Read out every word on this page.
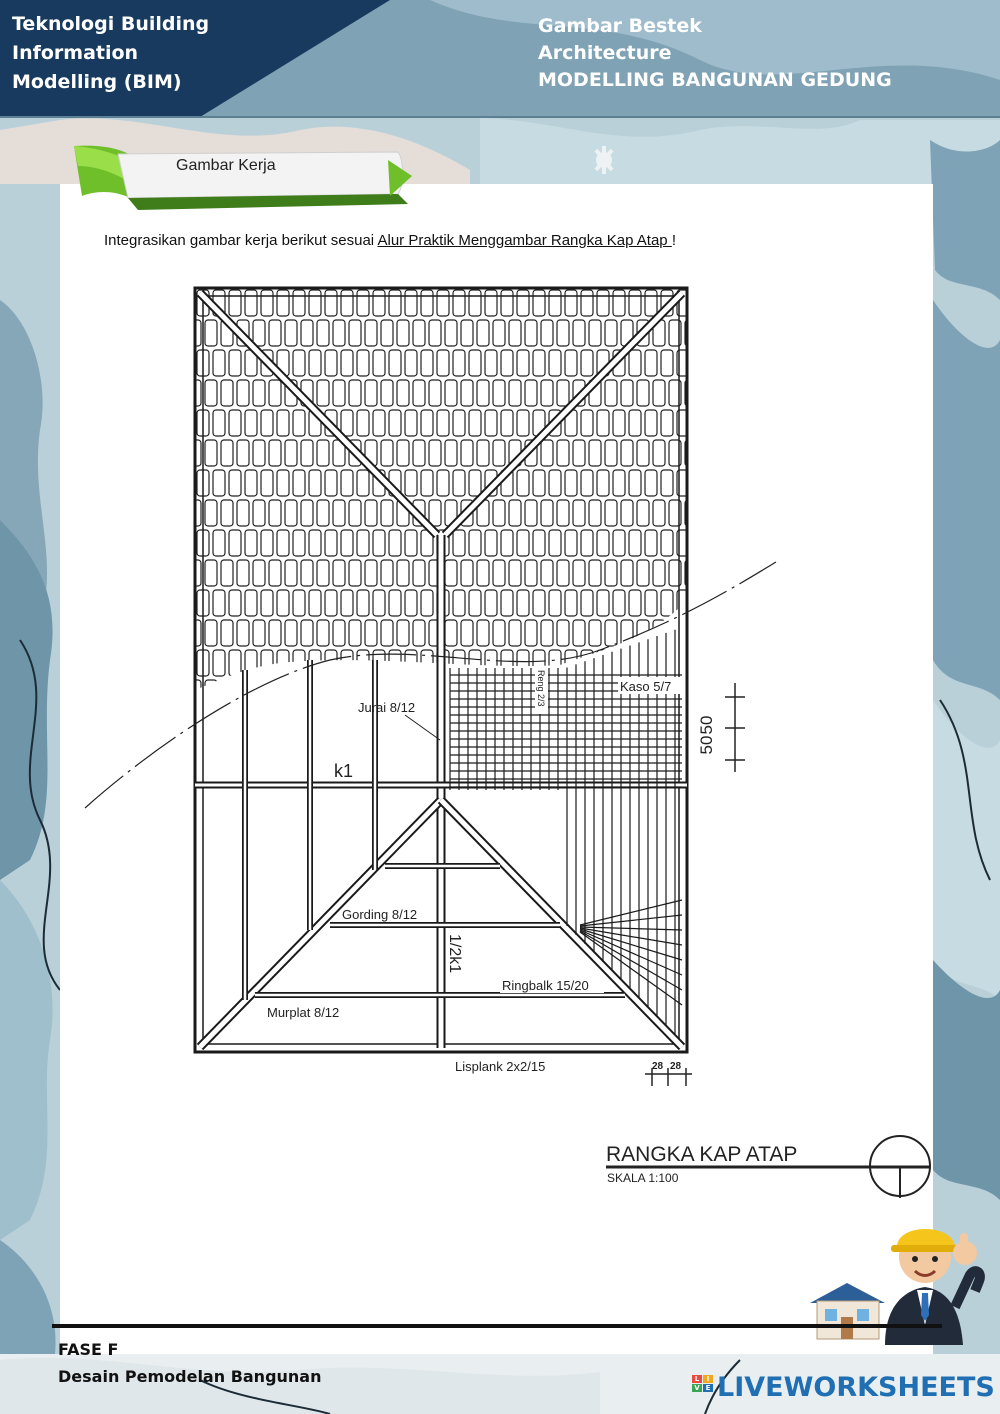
Teknologi Building
Information
Modelling (BIM)
Gambar Bestek
Architecture
MODELLING BANGUNAN GEDUNG
Gambar Kerja
Integrasikan gambar kerja berikut sesuai Alur Praktik Menggambar Rangka Kap Atap !
Jurai 8/12
k1
Kaso 5/7
Reng 2/3
Gording 8/12
1/2k1
Ringbalk 15/20
Murplat 8/12
Lisplank 2x2/15
50
50
28 28
RANGKA KAP ATAP
SKALA 1:100
FASE F
Desain Pemodelan Bangunan	L	I
V E LIVEWORKSHEETS
